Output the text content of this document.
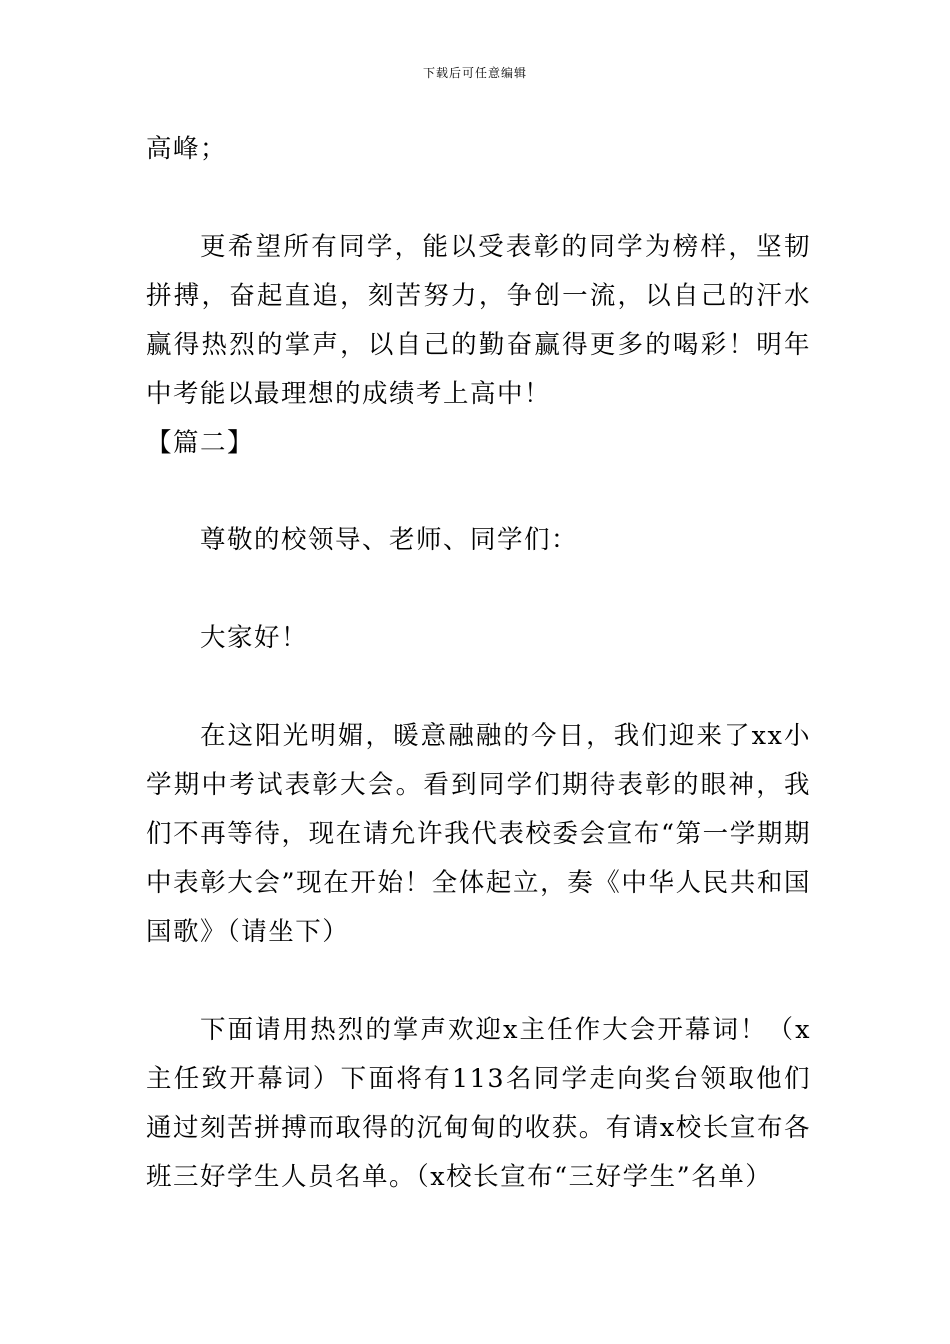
下载后可任意编辑

高峰；

更希望所有同学，能以受表彰的同学为榜样，坚韧拼搏，奋起直追，刻苦努力，争创一流，以自己的汗水赢得热烈的掌声，以自己的勤奋赢得更多的喝彩！明年中考能以最理想的成绩考上高中！

【篇二】

尊敬的校领导、老师、同学们：

大家好！

在这阳光明媚，暖意融融的今日，我们迎来了xx小学期中考试表彰大会。看到同学们期待表彰的眼神，我们不再等待，现在请允许我代表校委会宣布“第一学期期中表彰大会”现在开始！全体起立，奏《中华人民共和国国歌》（请坐下）

下面请用热烈的掌声欢迎x主任作大会开幕词！（x主任致开幕词）下面将有113名同学走向奖台领取他们通过刻苦拼搏而取得的沉甸甸的收获。有请x校长宣布各班三好学生人员名单。（x校长宣布“三好学生”名单）
